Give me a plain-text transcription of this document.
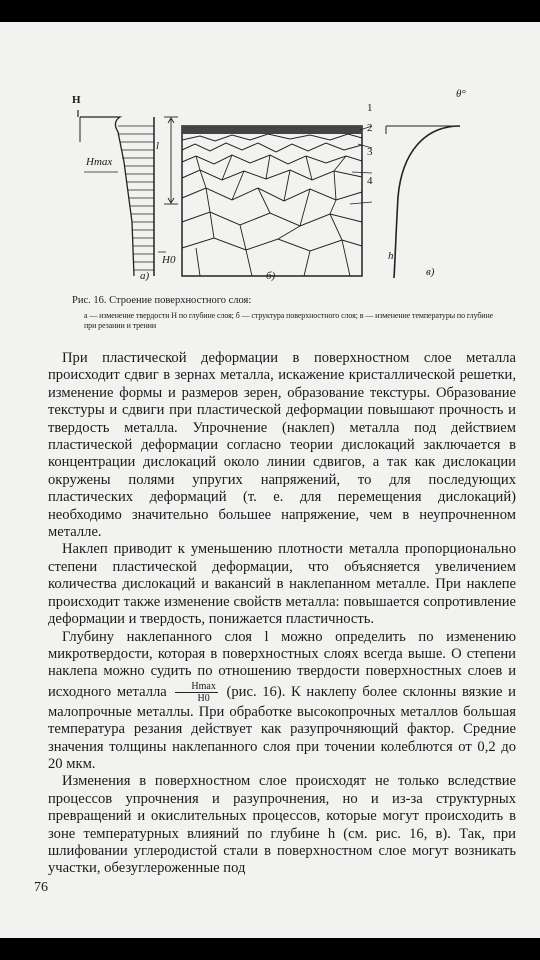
H
Hmax
l
H0
1
2
3
4
θ°
h
а)	б)	в)
Рис. 16. Строение поверхностного слоя:
а — изменение твердости H по глубине слоя; б — структура поверхностного слоя; в — изменение температуры по глубине при резании и трении

При пластической деформации в поверхностном слое металла происходит сдвиг в зернах металла, искажение кристаллической решетки, изменение формы и размеров зерен, образование текстуры. Образование текстуры и сдвиги при пластической деформации повышают прочность и твердость металла. Упрочнение (наклеп) металла под действием пластической деформации согласно теории дислокаций заключается в концентрации дислокаций около линии сдвигов, а так как дислокации окружены полями упругих напряжений, то для последующих пластических деформаций (т. е. для перемещения дислокаций) необходимо значительно большее напряжение, чем в неупрочненном металле.

Наклеп приводит к уменьшению плотности металла пропорционально степени пластической деформации, что объясняется увеличением количества дислокаций и вакансий в наклепанном металле. При наклепе происходит также изменение свойств металла: повышается сопротивление деформации и твердость, понижается пластичность.

Глубину наклепанного слоя l можно определить по изменению микротвердости, которая в поверхностных слоях всегда выше. О степени наклепа можно судить по отношению твердости поверхностных слоев и исходного металла $\frac{Hmax}{H0} (рис$. 16). К наклепу более склонны вязкие и малопрочные металлы. При обработке высокопрочных металлов большая температура резания действует как разупрочняющий фактор. Средние значения толщины наклепанного слоя при точении колеблются от 0,2 до 20 мкм.

Изменения в поверхностном слое происходят не только вследствие процессов упрочнения и разупрочнения, но и из-за структурных превращений и окислительных процессов, которые могут происходить в зоне температурных влияний по глубине h (см. рис. 16, в). Так, при шлифовании углеродистой стали в поверхностном слое могут возникать участки, обезуглероженные под

76
